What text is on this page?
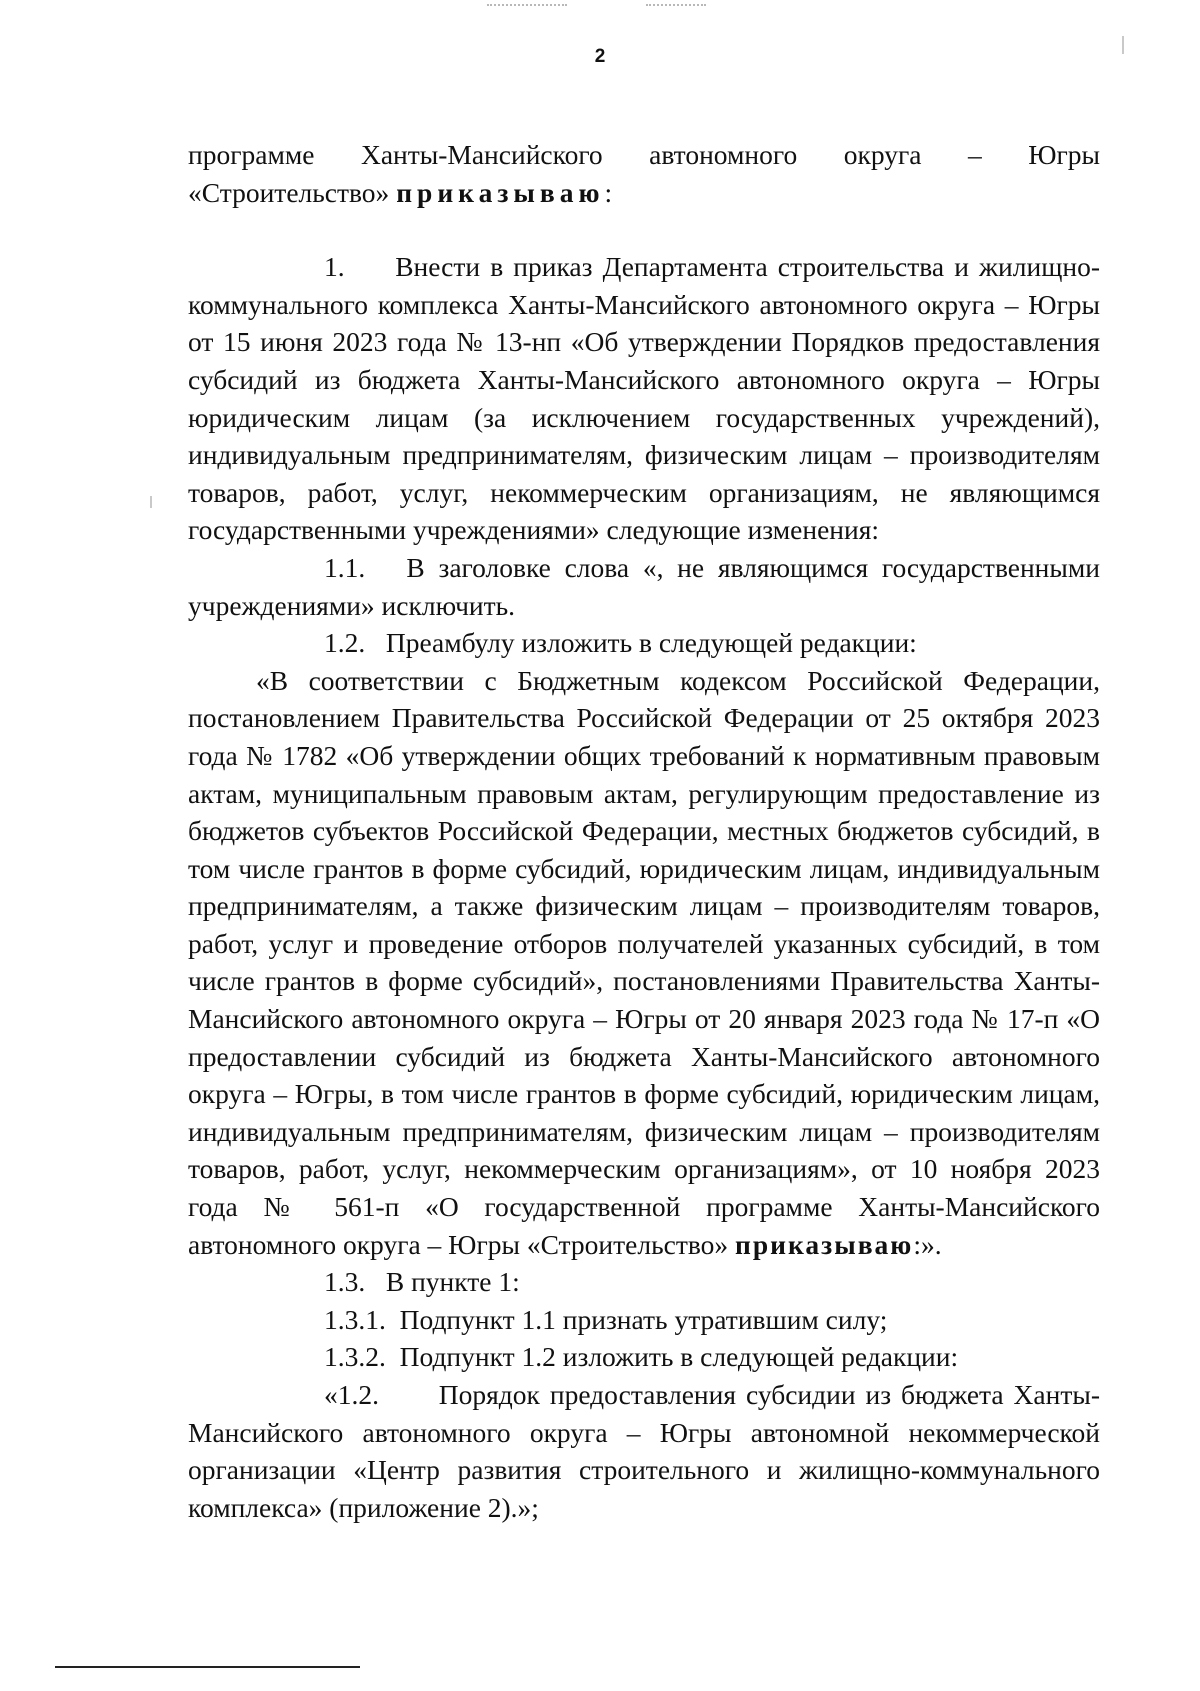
2

программе Ханты-Мансийского автономного округа – Югры

«Строительство» приказываю:

1. Внести в приказ Департамента строительства и жилищно-коммунального комплекса Ханты-Мансийского автономного округа – Югры от 15 июня 2023 года № 13-нп «Об утверждении Порядков предоставления субсидий из бюджета Ханты-Мансийского автономного округа – Югры юридическим лицам (за исключением государственных учреждений), индивидуальным предпринимателям, физическим лицам – производителям товаров, работ, услуг, некоммерческим организациям, не являющимся государственными учреждениями» следующие изменения:

1.1. В заголовке слова «, не являющимся государственными учреждениями» исключить.

1.2. Преамбулу изложить в следующей редакции:

«В соответствии с Бюджетным кодексом Российской Федерации, постановлением Правительства Российской Федерации от 25 октября 2023 года № 1782 «Об утверждении общих требований к нормативным правовым актам, муниципальным правовым актам, регулирующим предоставление из бюджетов субъектов Российской Федерации, местных бюджетов субсидий, в том числе грантов в форме субсидий, юридическим лицам, индивидуальным предпринимателям, а также физическим лицам – производителям товаров, работ, услуг и проведение отборов получателей указанных субсидий, в том числе грантов в форме субсидий», постановлениями Правительства Ханты-Мансийского автономного округа – Югры от 20 января 2023 года № 17-п «О предоставлении субсидий из бюджета Ханты-Мансийского автономного округа – Югры, в том числе грантов в форме субсидий, юридическим лицам, индивидуальным предпринимателям, физическим лицам – производителям товаров, работ, услуг, некоммерческим организациям», от 10 ноября 2023 года № 561-п «О государственной программе Ханты-Мансийского автономного округа – Югры «Строительство» приказываю:».

1.3. В пункте 1:

1.3.1. Подпункт 1.1 признать утратившим силу;

1.3.2. Подпункт 1.2 изложить в следующей редакции:

«1.2. Порядок предоставления субсидии из бюджета Ханты-Мансийского автономного округа – Югры автономной некоммерческой организации «Центр развития строительного и жилищно-коммунального комплекса» (приложение 2).»;
